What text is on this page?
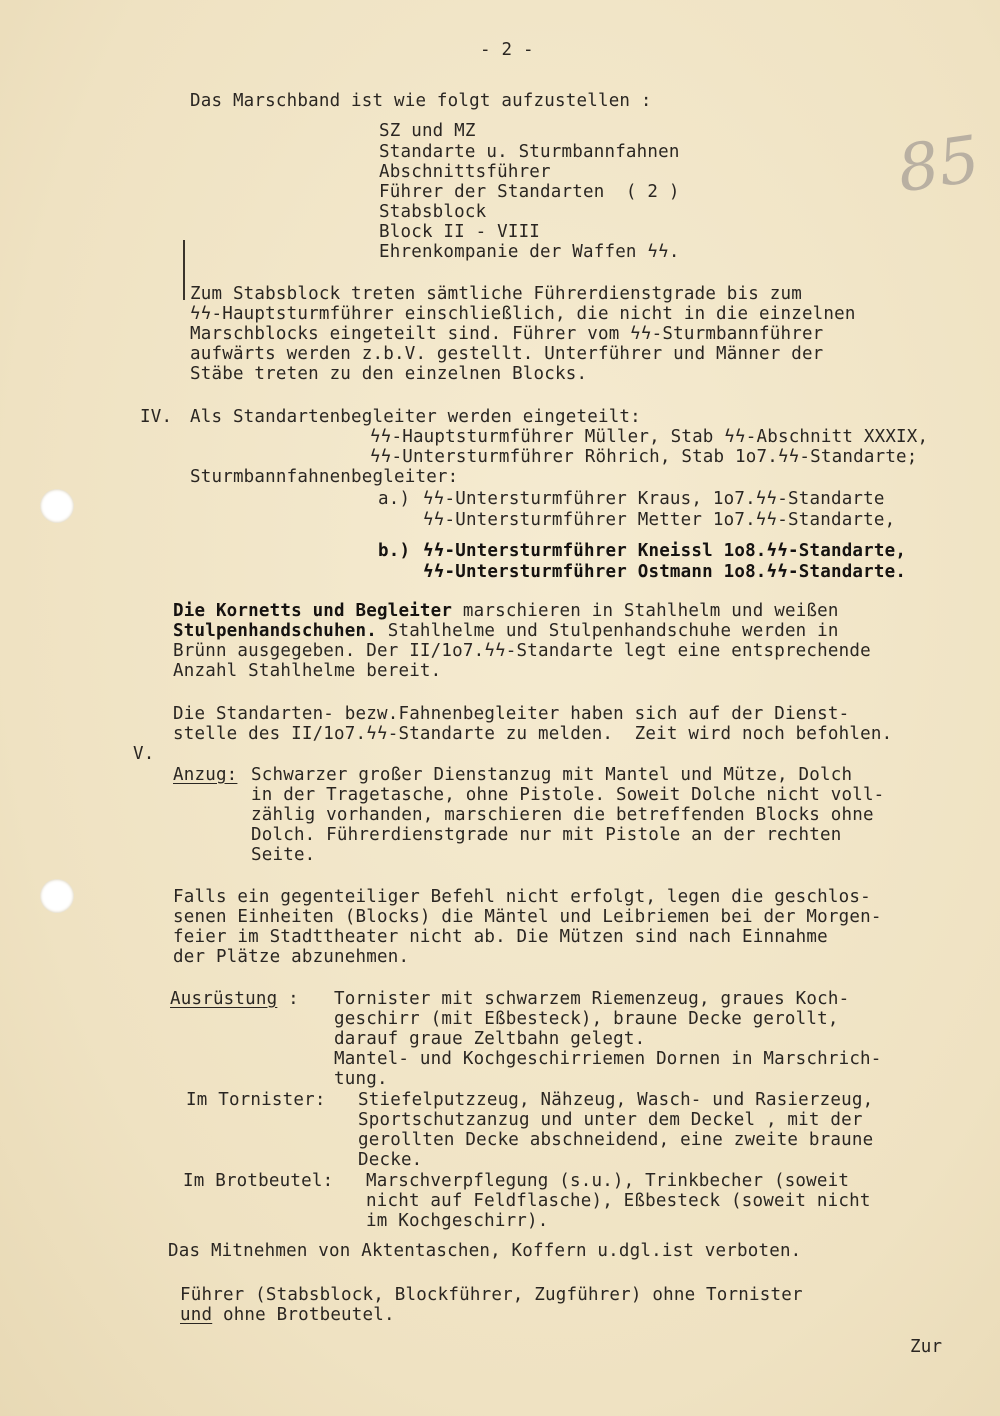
85
- 2 -
Das Marschband ist wie folgt aufzustellen :
SZ und MZ
Standarte u. Sturmbannfahnen
Abschnittsführer
Führer der Standarten  ( 2 )
Stabsblock
Block II - VIII
Ehrenkompanie der Waffen ϟϟ.
Zum Stabsblock treten sämtliche Führerdienstgrade bis zum
ϟϟ-Hauptsturmführer einschließlich, die nicht in die einzelnen
Marschblocks eingeteilt sind. Führer vom ϟϟ-Sturmbannführer
aufwärts werden z.b.V. gestellt. Unterführer und Männer der
Stäbe treten zu den einzelnen Blocks.
IV. Als Standartenbegleiter werden eingeteilt:
ϟϟ-Hauptsturmführer Müller, Stab ϟϟ-Abschnitt XXXIX,
ϟϟ-Untersturmführer Röhrich, Stab 1o7.ϟϟ-Standarte;
Sturmbannfahnenbegleiter:
a.) ϟϟ-Untersturmführer Kraus, 1o7.ϟϟ-Standarte
ϟϟ-Untersturmführer Metter 1o7.ϟϟ-Standarte,
b.) ϟϟ-Untersturmführer Kneissl 1o8.ϟϟ-Standarte,
ϟϟ-Untersturmführer Ostmann 1o8.ϟϟ-Standarte.
Die Kornetts und Begleiter marschieren in Stahlhelm und weißen
Stulpenhandschuhen. Stahlhelme und Stulpenhandschuhe werden in
Brünn ausgegeben. Der II/1o7.ϟϟ-Standarte legt eine entsprechende
Anzahl Stahlhelme bereit.
Die Standarten- bezw.Fahnenbegleiter haben sich auf der Dienst-
stelle des II/1o7.ϟϟ-Standarte zu melden.  Zeit wird noch befohlen.
V.
Anzug: Schwarzer großer Dienstanzug mit Mantel und Mütze, Dolch
in der Tragetasche, ohne Pistole. Soweit Dolche nicht voll-
zählig vorhanden, marschieren die betreffenden Blocks ohne
Dolch. Führerdienstgrade nur mit Pistole an der rechten
Seite.
Falls ein gegenteiliger Befehl nicht erfolgt, legen die geschlos-
senen Einheiten (Blocks) die Mäntel und Leibriemen bei der Morgen-
feier im Stadttheater nicht ab. Die Mützen sind nach Einnahme
der Plätze abzunehmen.
Ausrüstung : Tornister mit schwarzem Riemenzeug, graues Koch-
geschirr (mit Eßbesteck), braune Decke gerollt,
darauf graue Zeltbahn gelegt.
Mantel- und Kochgeschirriemen Dornen in Marschrich-
tung.
Im Tornister: Stiefelputzzeug, Nähzeug, Wasch- und Rasierzeug,
Sportschutzanzug und unter dem Deckel , mit der
gerollten Decke abschneidend, eine zweite braune
Decke.
Im Brotbeutel: Marschverpflegung (s.u.), Trinkbecher (soweit
nicht auf Feldflasche), Eßbesteck (soweit nicht
im Kochgeschirr).
Das Mitnehmen von Aktentaschen, Koffern u.dgl.ist verboten.
Führer (Stabsblock, Blockführer, Zugführer) ohne Tornister
und ohne Brotbeutel.
Zur
